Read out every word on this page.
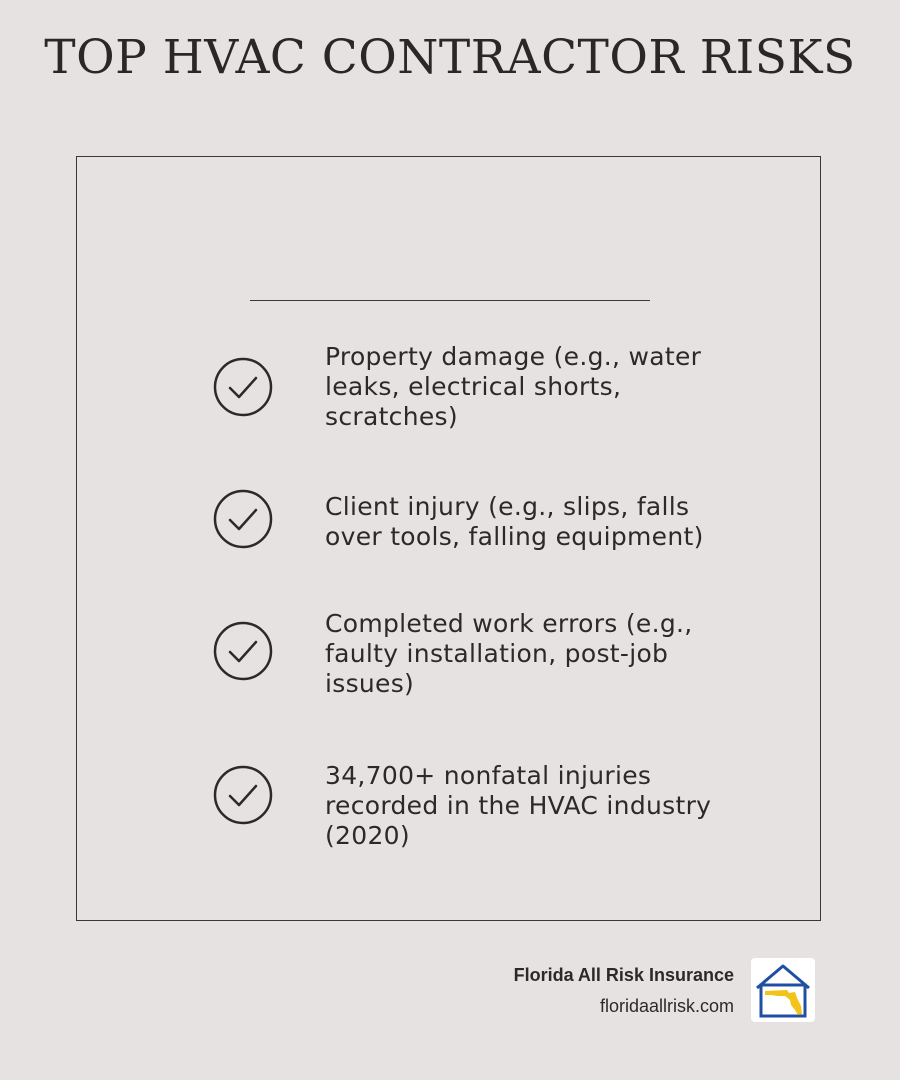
TOP HVAC CONTRACTOR RISKS
Property damage (e.g., water leaks, electrical shorts, scratches)
Client injury (e.g., slips, falls over tools, falling equipment)
Completed work errors (e.g., faulty installation, post-job issues)
34,700+ nonfatal injuries recorded in the HVAC industry (2020)
Florida All Risk Insurance
floridaallrisk.com
